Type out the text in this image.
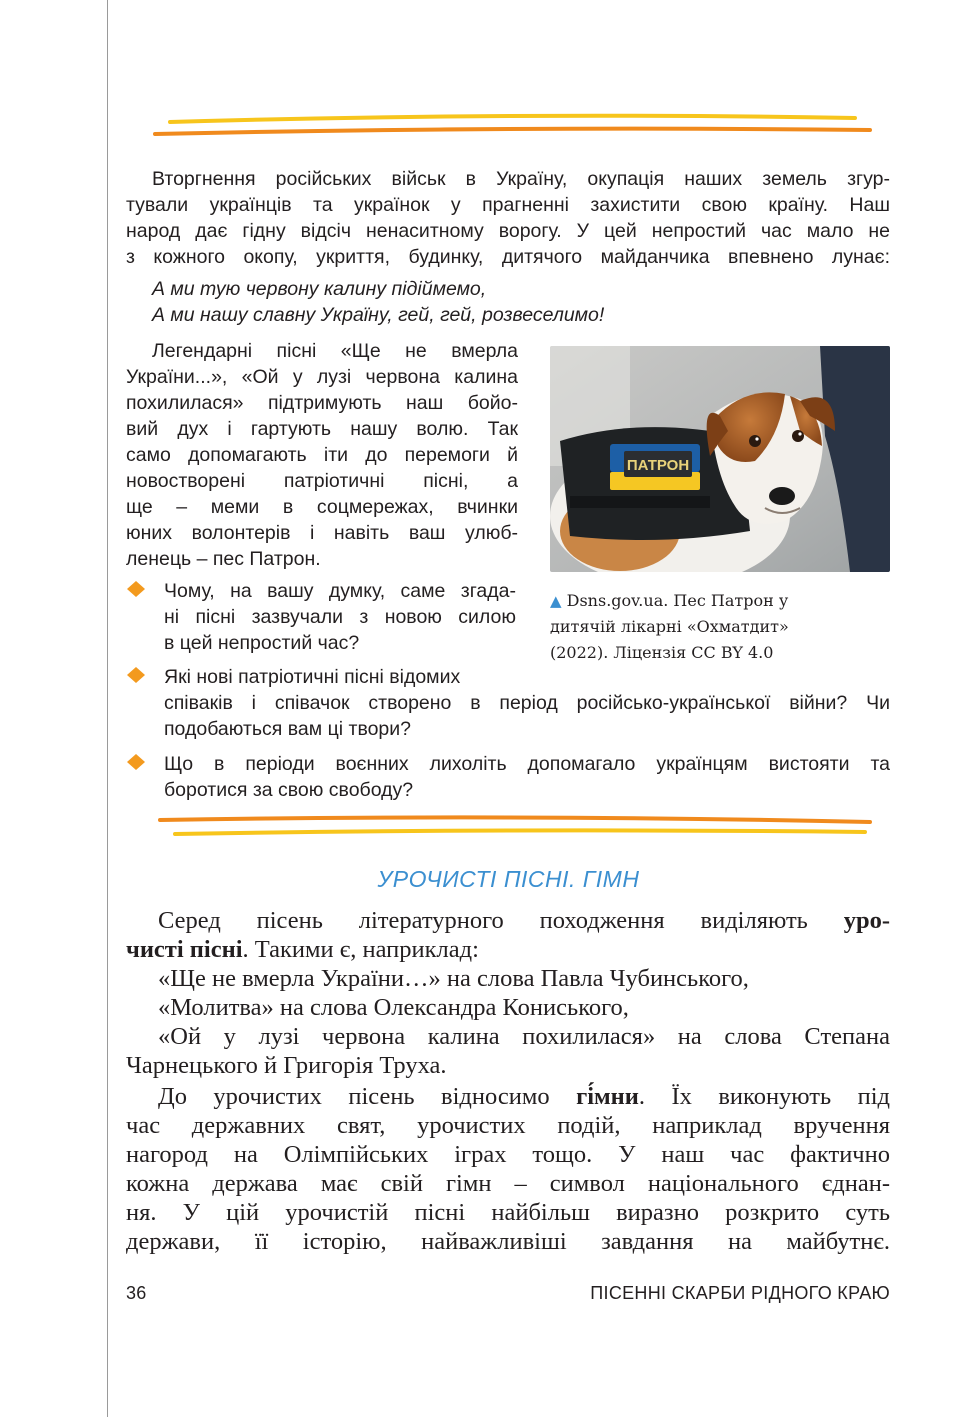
Вторгнення російських військ в Україну, окупація наших земель згур-
тували українців та українок у прагненні захистити свою країну. Наш
народ дає гідну відсіч ненаситному ворогу. У цей непростий час мало не
з кожного окопу, укриття, будинку, дитячого майданчика впевнено лунає:
А ми тую червону калину підіймемо,
А ми нашу славну Україну, гей, гей, розвеселимо!
Легендарні пісні «Ще не вмерла
України...», «Ой у лузі червона калина
похилилася» підтримують наш бойо-
вий дух і гартують нашу волю. Так
само допомагають іти до перемоги й
новостворені патріотичні пісні, а
ще – меми в соцмережах, вчинки
юних волонтерів і навіть ваш улюб-
ленець – пес Патрон.
ПАТРОН
▲ Dsns.gov.ua. Пес Патрон у
дитячій лікарні «Охматдит»
(2022). Ліцензія CC BY 4.0
Чому, на вашу думку, саме згада-
ні пісні зазвучали з новою силою
в цей непростий час?
Які нові патріотичні пісні відомих
співаків і співачок створено в період російсько-української війни? Чи
подобаються вам ці твори?
Що в періоди воєнних лихоліть допомагало українцям вистояти та
боротися за свою свободу?
УРОЧИСТІ ПІСНІ. ГІМН
Серед пісень літературного походження виділяють уро-
чисті пісні. Такими є, наприклад:
«Ще не вмерла України…» на слова Павла Чубинського,
«Молитва» на слова Олександра Кониського,
«Ой у лузі червона калина похилилася» на слова Степана
Чарнецького й Григорія Труха.
До урочистих пісень відносимо гі́мни. Їх виконують під
час державних свят, урочистих подій, наприклад вручення
нагород на Олімпійських іграх тощо. У наш час фактично
кожна держава має свій гімн – символ національного єднан-
ня. У цій урочистій пісні найбільш виразно розкрито суть
держави, її історію, найважливіші завдання на майбутнє.
36	ПІСЕННІ СКАРБИ РІДНОГО КРАЮ
